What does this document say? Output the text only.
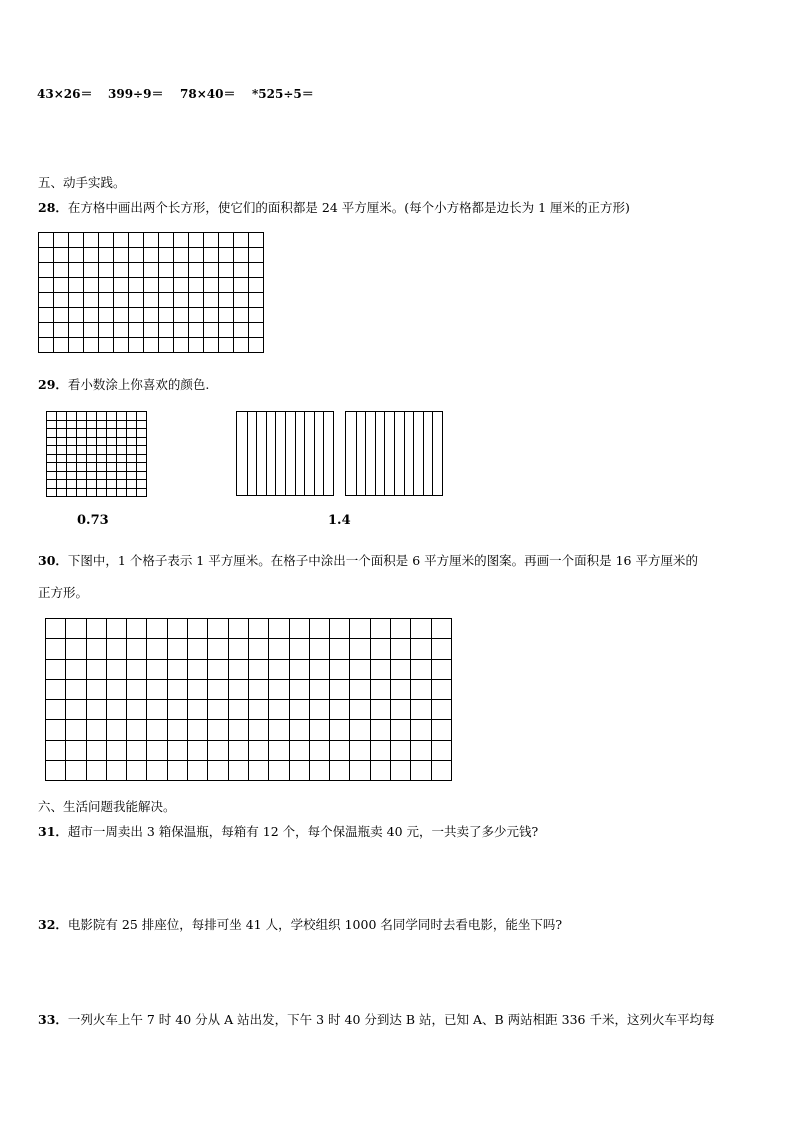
43×26＝ 399÷9＝ 78×40＝ *525÷5＝
五、动手实践。
28．在方格中画出两个长方形，使它们的面积都是 24 平方厘米。(每个小方格都是边长为 1 厘米的正方形)

29．看小数涂上你喜欢的颜色.

0.73	1.4
30．下图中，1 个格子表示 1 平方厘米。在格子中涂出一个面积是 6 平方厘米的图案。再画一个面积是 16 平方厘米的
正方形。

六、生活问题我能解决。
31．超市一周卖出 3 箱保温瓶，每箱有 12 个，每个保温瓶卖 40 元，一共卖了多少元钱?
32．电影院有 25 排座位，每排可坐 41 人，学校组织 1000 名同学同时去看电影，能坐下吗?
33．一列火车上午 7 时 40 分从 A 站出发，下午 3 时 40 分到达 B 站，已知 A、B 两站相距 336 千米，这列火车平均每
